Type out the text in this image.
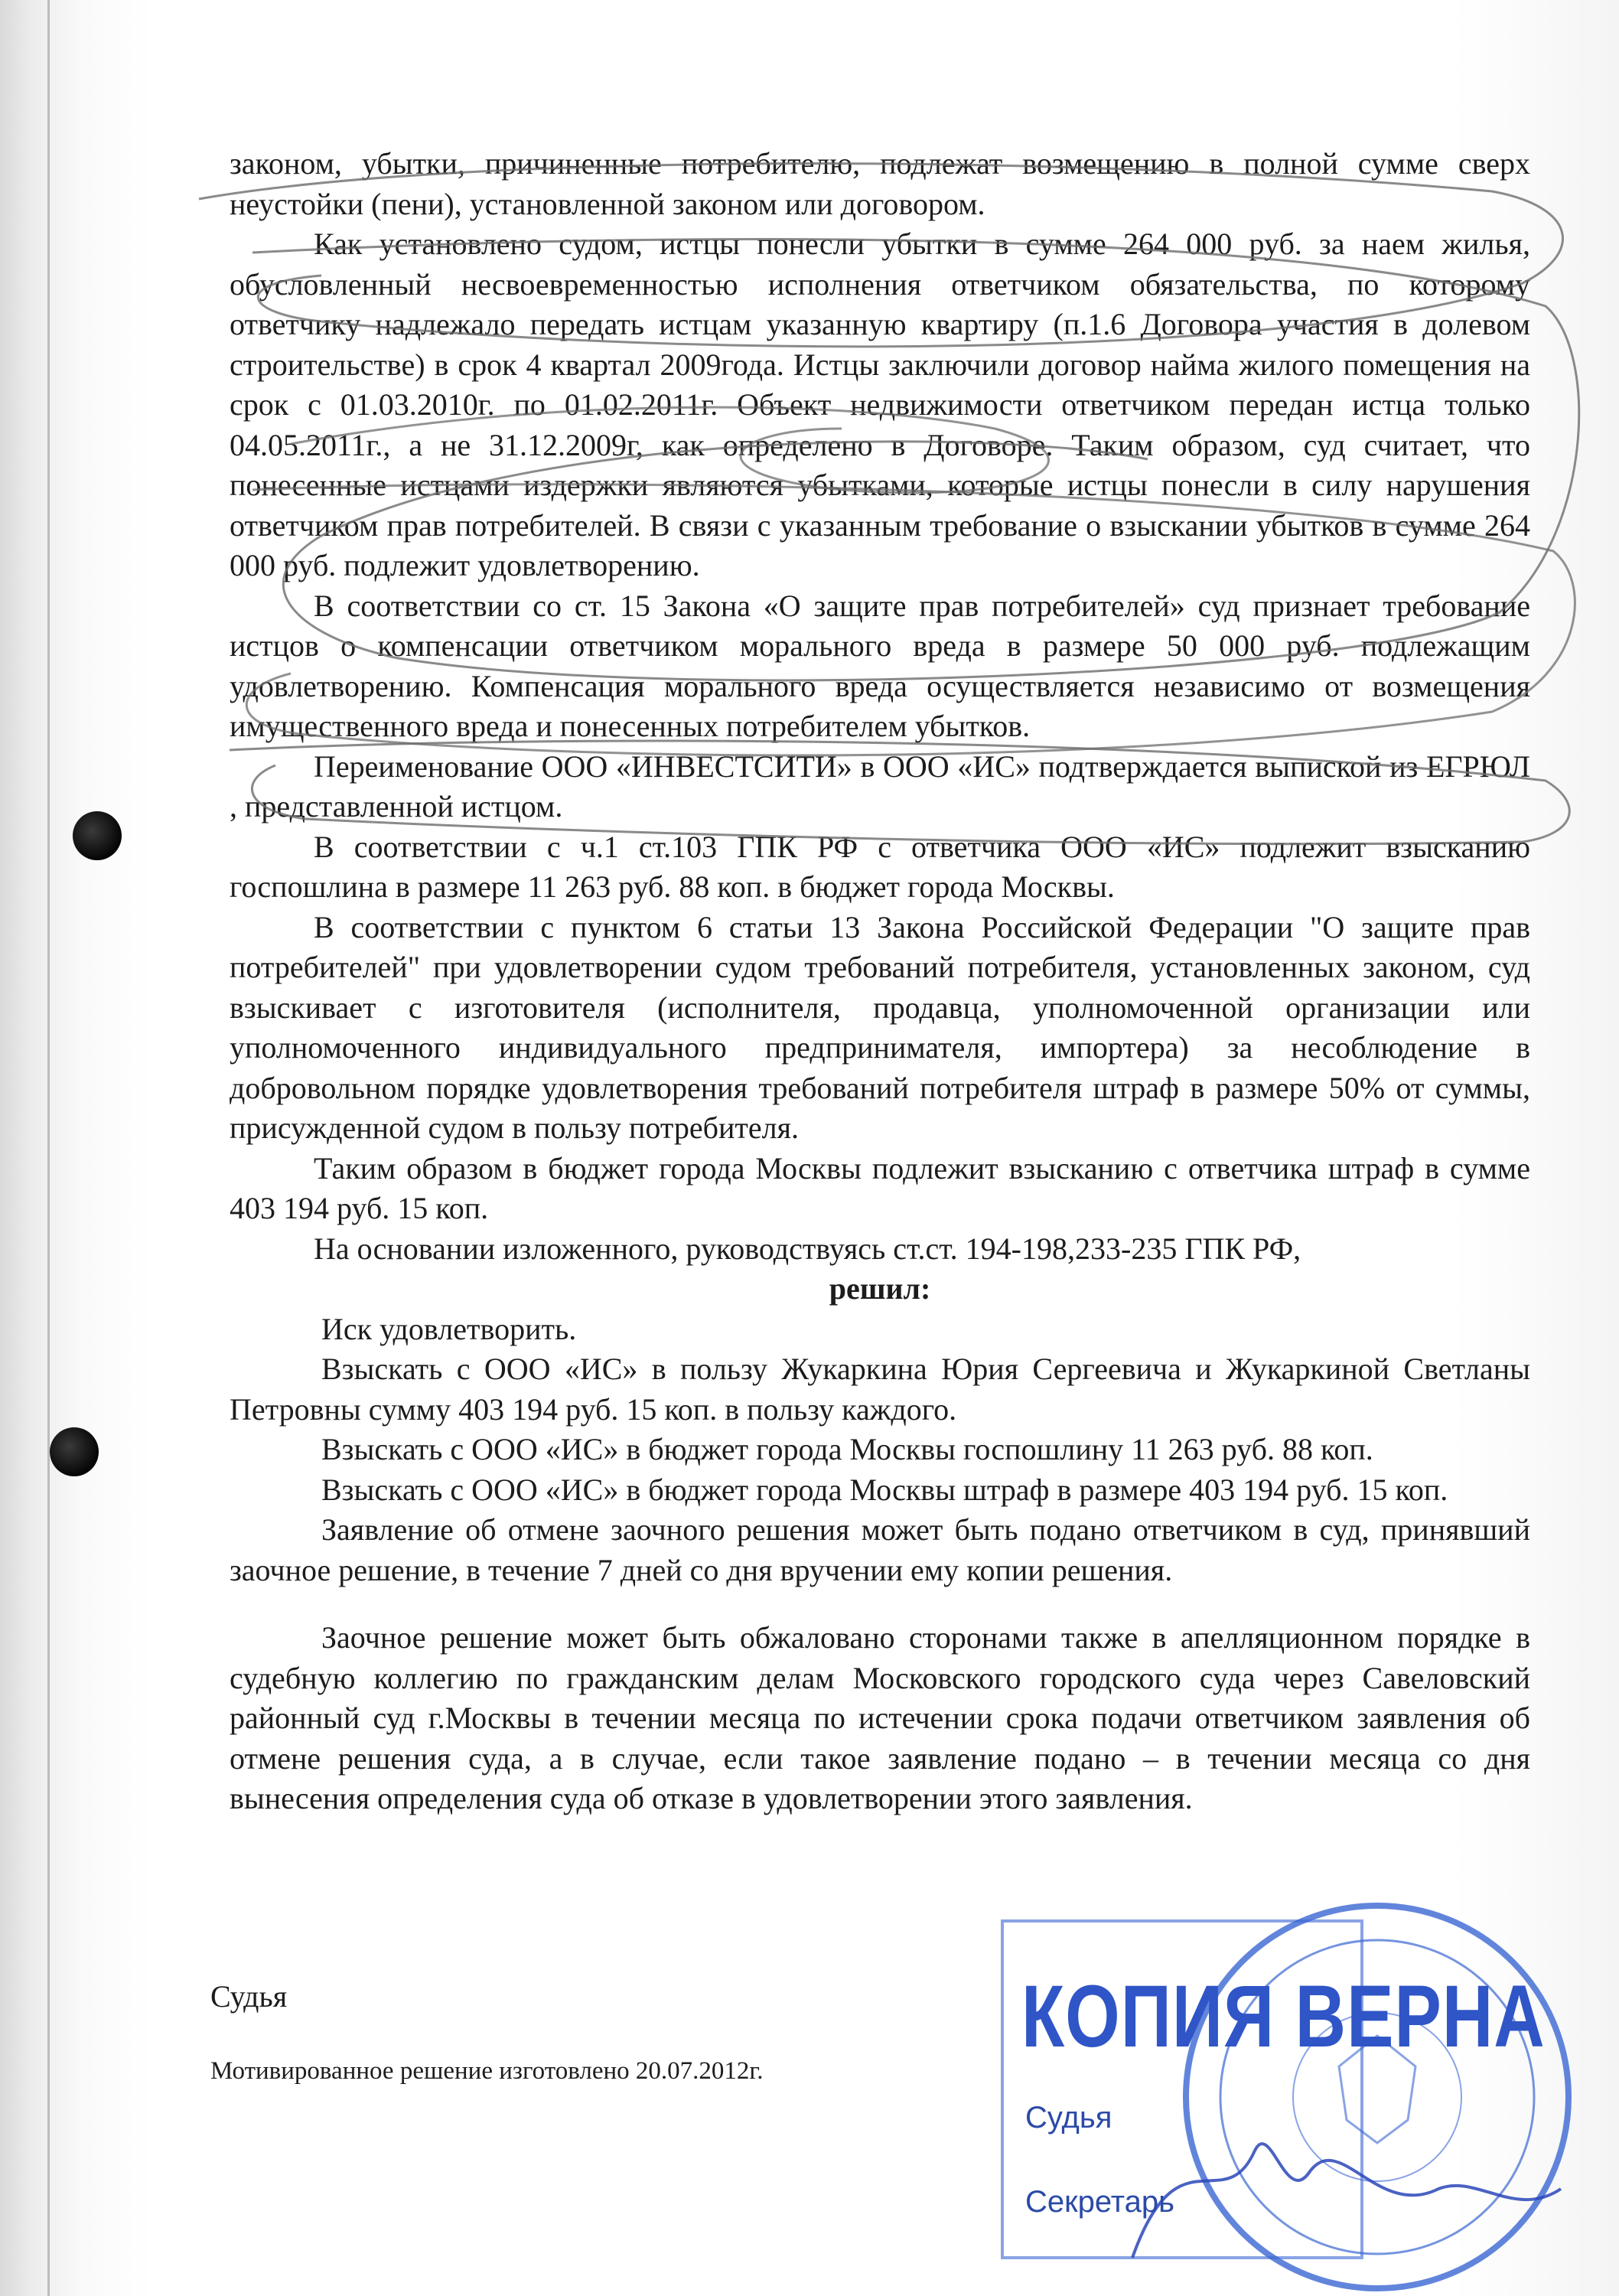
законом, убытки, причиненные потребителю, подлежат возмещению в полной сумме сверх неустойки (пени), установленной законом или договором.

Как установлено судом, истцы понесли убытки в сумме 264 000 руб. за наем жилья, обусловленный несвоевременностью исполнения ответчиком обязательства, по которому ответчику надлежало передать истцам указанную квартиру (п.1.6 Договора участия в долевом строительстве) в срок 4 квартал 2009года. Истцы заключили договор найма жилого помещения на срок с 01.03.2010г. по 01.02.2011г. Объект недвижимости ответчиком передан истца только 04.05.2011г., а не 31.12.2009г, как определено в Договоре. Таким образом, суд считает, что понесенные истцами издержки являются убытками, которые истцы понесли в силу нарушения ответчиком прав потребителей. В связи с указанным требование о взыскании убытков в сумме 264 000 руб. подлежит удовлетворению.

В соответствии со ст. 15 Закона «О защите прав потребителей» суд признает требование истцов о компенсации ответчиком морального вреда в размере 50 000 руб. подлежащим удовлетворению. Компенсация морального вреда осуществляется независимо от возмещения имущественного вреда и понесенных потребителем убытков.

Переименование ООО «ИНВЕСТСИТИ» в ООО «ИС» подтверждается выпиской из ЕГРЮЛ , представленной истцом.

В соответствии с ч.1 ст.103 ГПК РФ с ответчика ООО «ИС» подлежит взысканию госпошлина в размере 11 263 руб. 88 коп. в бюджет города Москвы.

В соответствии с пунктом 6 статьи 13 Закона Российской Федерации "О защите прав потребителей" при удовлетворении судом требований потребителя, установленных законом, суд взыскивает с изготовителя (исполнителя, продавца, уполномоченной организации или уполномоченного индивидуального предпринимателя, импортера) за несоблюдение в добровольном порядке удовлетворения требований потребителя штраф в размере 50% от суммы, присужденной судом в пользу потребителя.

Таким образом в бюджет города Москвы подлежит взысканию с ответчика штраф в сумме 403 194 руб. 15 коп.

На основании изложенного, руководствуясь ст.ст. 194-198,233-235 ГПК РФ,

решил:

Иск удовлетворить.

Взыскать с ООО «ИС» в пользу Жукаркина Юрия Сергеевича и Жукаркиной Светланы Петровны сумму 403 194 руб. 15 коп. в пользу каждого.

Взыскать с ООО «ИС» в бюджет города Москвы госпошлину 11 263 руб. 88 коп.

Взыскать с ООО «ИС» в бюджет города Москвы штраф в размере 403 194 руб. 15 коп.

Заявление об отмене заочного решения может быть подано ответчиком в суд, принявший заочное решение, в течение 7 дней со дня вручении ему копии решения.

Заочное решение может быть обжаловано сторонами также в апелляционном порядке в судебную коллегию по гражданским делам Московского городского суда через Савеловский районный суд г.Москвы в течении месяца по истечении срока подачи ответчиком заявления об отмене решения суда, а в случае, если такое заявление подано – в течении месяца со дня вынесения определения суда об отказе в удовлетворении этого заявления.

Судья
Мотивированное решение изготовлено 20.07.2012г.
КОПИЯ ВЕРНА
Судья
Секретарь
